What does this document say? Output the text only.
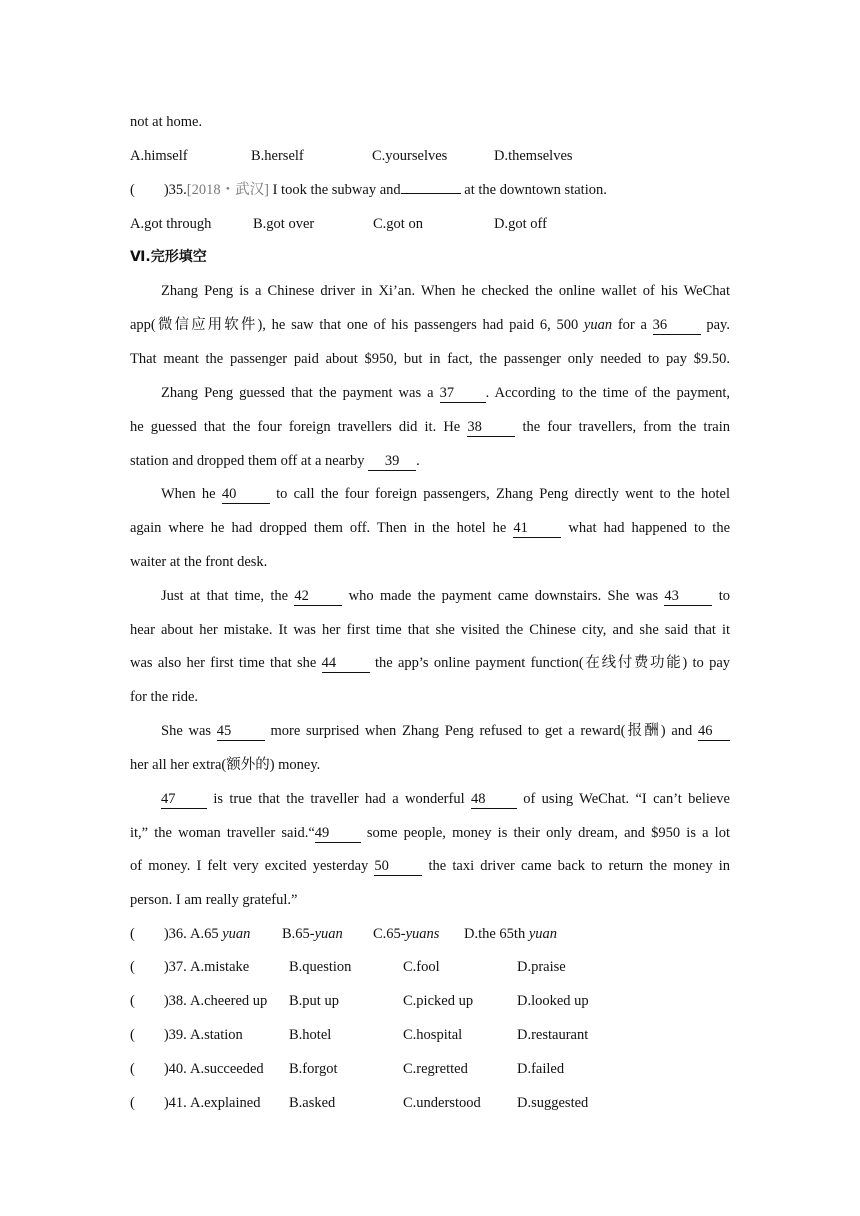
not at home.
A.himself	B.herself	C.yourselves	D.themselves
(        )35.[2018・武汉] I took the subway and	at the downtown station.
A.got through	B.got over	C.got on	D.got off
Ⅵ.完形填空
Zhang Peng is a Chinese driver in Xi’an. When he checked the online wallet of his WeChat
app(微信应用软件), he saw that one of his passengers had paid 6, 500 yuan for a 36 pay.
That meant the passenger paid about $950, but in fact, the passenger only needed to pay $9.50.
Zhang Peng guessed that the payment was a 37 . According to the time of the payment,
he guessed that the four foreign travellers did it. He 38 the four travellers, from the train
station and dropped them off at a nearby 39 .
When he 40 to call the four foreign passengers, Zhang Peng directly went to the hotel
again where he had dropped them off. Then in the hotel he 41 what had happened to the
waiter at the front desk.
Just at that time, the 42 who made the payment came downstairs. She was 43 to
hear about her mistake. It was her first time that she visited the Chinese city, and she said that it
was also her first time that she 44 the app’s online payment function(在线付费功能) to pay
for the ride.
She was 45 more surprised when Zhang Peng refused to get a reward(报酬) and 46
her all her extra(额外的) money.
47 is true that the traveller had a wonderful 48 of using WeChat. “I can’t believe
it,” the woman traveller said.“49 some people, money is their only dream, and $950 is a lot
of money. I felt very excited yesterday 50 the taxi driver came back to return the money in
person. I am really grateful.”
(        )36. A.65 yuan B.65-yuan C.65-yuans D.the 65th yuan
(        )37. A.mistake	B.question	C.fool	D.praise
(        )38. A.cheered up B.put up	C.picked up	D.looked up
(        )39. A.station	B.hotel	C.hospital	D.restaurant
(        )40. A.succeeded B.forgot	C.regretted	D.failed
(        )41. A.explained B.asked	C.understood	D.suggested
